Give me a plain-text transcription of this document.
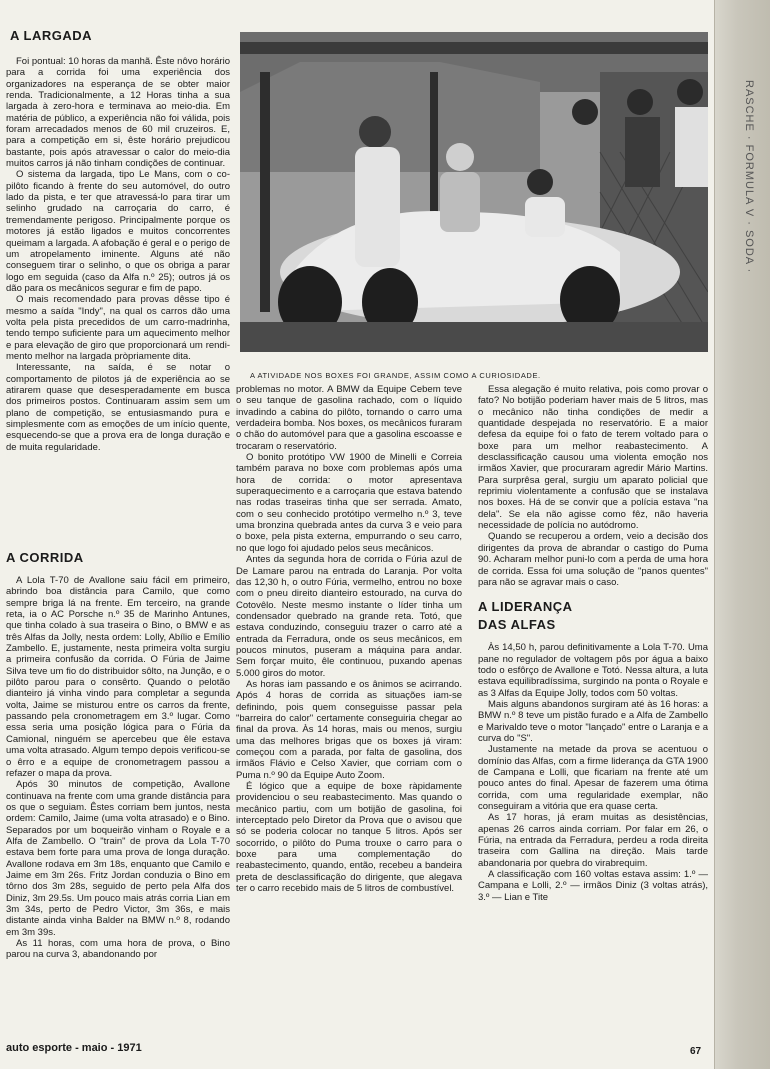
RASCHE · FORMULA V · SODA ·
A LARGADA

Foi pontual: 10 horas da manhã. Êste nôvo horário para a corrida foi uma experiência dos organizadores na esperança de se obter maior renda. Tradicionalmente, a 12 Horas tinha a sua largada à zero-hora e terminava ao meio-dia. Em matéria de público, a experiência não foi válida, pois foram arrecadados menos de 60 mil cruzeiros. E, para a competição em si, êste horário prejudicou bastante, pois após atravessar o calor do meio-dia muitos carros já não tinham condições de continuar.

O sistema da largada, tipo Le Mans, com o co-pilôto ficando à frente do seu automóvel, do outro lado da pista, e ter que atravessá-lo para tirar um selinho grudado na carroçaria do carro, é tremendamente perigoso. Principalmente porque os motores já estão ligados e muitos concorrentes queimam a largada. A afobação é geral e o perigo de um atropelamento iminente. Alguns até não conseguem tirar o selinho, o que os obriga a parar logo em seguida (caso da Alfa n.º 25); outros já os dão para os mecânicos segurar e fim de papo.

O mais recomendado para provas dêsse tipo é mesmo a saída "Indy", na qual os carros dão uma volta pela pista precedidos de um carro-madrinha, tendo tempo suficiente para um aquecimento melhor e para elevação de giro que proporcionará um rendimento melhor na largada pròpriamente dita.

Interessante, na saída, é se notar o comportamento de pilotos já de experiência ao se atirarem quase que desesperadamente em busca dos primeiros postos. Continuaram assim sem um plano de competição, se entusiasmando pura e simplesmente com as emoções de um início quente, esquecendo-se que a prova era de longa duração e de muita regularidade.

A CORRIDA

A Lola T-70 de Avallone saiu fácil em primeiro, abrindo boa distância para Camilo, que como sempre briga lá na frente. Em terceiro, na grande reta, ia o AC Porsche n.º 35 de Marinho Antunes, que tinha colado à sua traseira o Bino, o BMW e as três Alfas da Jolly, nesta ordem: Lolly, Abílio e Emílio Zambello. E, justamente, nesta primeira volta surgiu a primeira confusão da corrida. O Fúria de Jaime Silva teve um fio do distribuidor sôlto, na Junção, e o pilôto parou para o consêrto. Quando o pelotão dianteiro já vinha vindo para completar a segunda volta, Jaime se misturou entre os carros da frente, passando pela cronometragem em 3.º lugar. Como essa seria uma posição lógica para o Fúria da Camional, ninguém se apercebeu que êle estava uma volta atrasado. Algum tempo depois verificou-se o êrro e a equipe de cronometragem passou a refazer o mapa da prova.

Após 30 minutos de competição, Avallone continuava na frente com uma grande distância para os que o seguiam. Êstes corriam bem juntos, nesta ordem: Camilo, Jaime (uma volta atrasado) e o Bino. Separados por um boqueirão vinham o Royale e a Alfa de Zambello. O "train" de prova da Lola T-70 estava bem forte para uma prova de longa duração. Avallone rodava em 3m 18s, enquanto que Camilo e Jaime em 3m 26s. Fritz Jordan conduzia o Bino em tôrno dos 3m 28s, seguido de perto pela Alfa dos Diniz, 3m 29.5s. Um pouco mais atrás corria Lian em 3m 34s, perto de Pedro Victor, 3m 36s, e mais distante ainda vinha Balder na BMW n.º 8, rodando em 3m 39s.

As 11 horas, com uma hora de prova, o Bino parou na curva 3, abandonando por

A ATIVIDADE NOS BOXES FOI GRANDE, ASSIM COMO A CURIOSIDADE.

problemas no motor. A BMW da Equipe Cebem teve o seu tanque de gasolina rachado, com o líquido invadindo a cabina do pilôto, tornando o carro uma verdadeira bomba. Nos boxes, os mecânicos furaram o chão do automóvel para que a gasolina escoasse e trocaram o reservatório.

O bonito protótipo VW 1900 de Minelli e Correia também parava no boxe com problemas após uma hora de corrida: o motor apresentava superaquecimento e a carroçaria que estava batendo nas rodas traseiras tinha que ser serrada. Amato, com o seu conhecido protótipo vermelho n.º 3, teve uma bronzina quebrada antes da curva 3 e veio para o boxe, pela pista externa, empurrando o seu carro, no que logo foi ajudado pelos seus mecânicos.

Antes da segunda hora de corrida o Fúria azul de De Lamare parou na entrada do Laranja. Por volta das 12,30 h, o outro Fúria, vermelho, entrou no boxe com o pneu direito dianteiro estourado, na curva do Cotovêlo. Neste mesmo instante o líder tinha um condensador quebrado na grande reta. Totó, que estava conduzindo, conseguiu trazer o carro até a entrada da Ferradura, onde os seus mecânicos, em poucos minutos, puseram a máquina para andar. Sem forçar muito, êle continuou, puxando apenas 5.000 giros do motor.

As horas iam passando e os ânimos se acirrando. Após 4 horas de corrida as situações iam-se definindo, pois quem conseguisse passar pela "barreira do calor" certamente conseguiria chegar ao final da prova. Às 14 horas, mais ou menos, surgiu uma das melhores brigas que os boxes já viram: começou com a parada, por falta de gasolina, dos irmãos Flávio e Celso Xavier, que corriam com o Puma n.º 90 da Equipe Auto Zoom.

É lógico que a equipe de boxe ràpidamente providenciou o seu reabastecimento. Mas quando o mecânico partiu, com um botijão de gasolina, foi interceptado pelo Diretor da Prova que o avisou que só se poderia colocar no tanque 5 litros. Após ser socorrido, o pilôto do Puma trouxe o carro para o boxe para uma complementação do reabastecimento, quando, então, recebeu a bandeira preta de desclassificação do dirigente, que alegava ter o carro recebido mais de 5 litros de combustível.

Essa alegação é muito relativa, pois como provar o fato? No botijão poderiam haver mais de 5 litros, mas o mecânico não tinha condições de medir a quantidade despejada no reservatório. E a maior defesa da equipe foi o fato de terem voltado para o boxe para um melhor reabastecimento. A desclassificação causou uma violenta emoção nos irmãos Xavier, que procuraram agredir Mário Martins. Para surprêsa geral, surgiu um aparato policial que reprimiu violentamente a confusão que se instalava nos boxes. Há de se convir que a polícia estava "na dela". Se ela não agisse como fêz, não haveria necessidade de polícia no autódromo.

Quando se recuperou a ordem, veio a decisão dos dirigentes da prova de abrandar o castigo do Puma 90. Acharam melhor puni-lo com a perda de uma hora de corrida. Essa foi uma solução de "panos quentes" para não se agravar mais o caso.

A LIDERANÇA
DAS ALFAS

Às 14,50 h, parou definitivamente a Lola T-70. Uma pane no regulador de voltagem pôs por água a baixo todo o esfôrço de Avallone e Totó. Nessa altura, a luta estava equilibradíssima, surgindo na ponta o Royale e as 3 Alfas da Equipe Jolly, todos com 50 voltas.

Mais alguns abandonos surgiram até às 16 horas: a BMW n.º 8 teve um pistão furado e a Alfa de Zambello e Marivaldo teve o motor "lançado" entre o Laranja e a curva do "S".

Justamente na metade da prova se acentuou o domínio das Alfas, com a firme liderança da GTA 1900 de Campana e Lolli, que ficariam na frente até um pouco antes do final. Apesar de fazerem uma ótima corrida, com uma regularidade exemplar, não conseguiram a vitória que era quase certa.

As 17 horas, já eram muitas as desistências, apenas 26 carros ainda corriam. Por falar em 26, o Fúria, na entrada da Ferradura, perdeu a roda direita traseira com Gallina na direção. Mais tarde abandonaria por quebra do virabrequim.

A classificação com 160 voltas estava assim: 1.º — Campana e Lolli, 2.º — irmãos Diniz (3 voltas atrás), 3.º — Lian e Tite

auto esporte - maio - 1971	67
